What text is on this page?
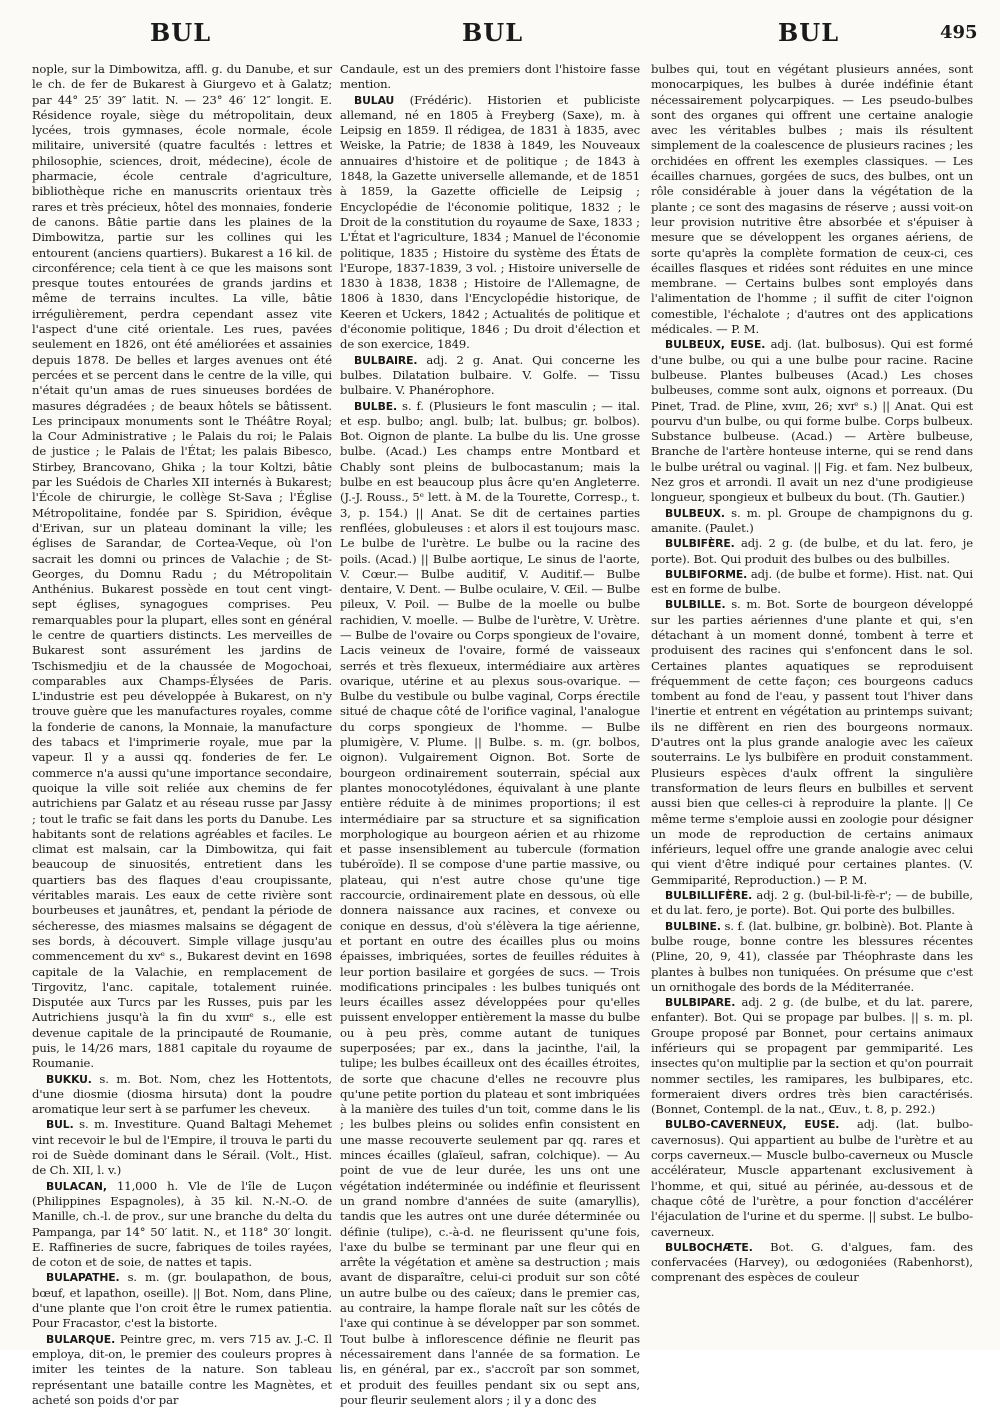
BUL	BUL	BUL	495

nople, sur la Dimbowitza, affl. g. du Danube, et sur le ch. de fer de Bukarest à Giurgevo et à Galatz; par 44° 25′ 39″ latit. N. — 23° 46′ 12″ longit. E. Résidence royale, siège du métropolitain, deux lycées, trois gymnases, école normale, école militaire, université (quatre facultés : lettres et philosophie, sciences, droit, médecine), école de pharmacie, école centrale d'agriculture, bibliothèque riche en manuscrits orientaux très rares et très précieux, hôtel des monnaies, fonderie de canons. Bâtie partie dans les plaines de la Dimbowitza, partie sur les collines qui les entourent (anciens quartiers). Bukarest a 16 kil. de circonférence; cela tient à ce que les maisons sont presque toutes entourées de grands jardins et même de terrains incultes. La ville, bâtie irrégulièrement, perdra cependant assez vite l'aspect d'une cité orientale. Les rues, pavées seulement en 1826, ont été améliorées et assainies depuis 1878. De belles et larges avenues ont été percées et se percent dans le centre de la ville, qui n'était qu'un amas de rues sinueuses bordées de masures dégradées ; de beaux hôtels se bâtissent. Les principaux monuments sont le Théâtre Royal; la Cour Administrative ; le Palais du roi; le Palais de justice ; le Palais de l'État; les palais Bibesco, Stirbey, Brancovano, Ghika ; la tour Koltzi, bâtie par les Suédois de Charles XII internés à Bukarest; l'École de chirurgie, le collège St-Sava ; l'Église Métropolitaine, fondée par S. Spiridion, évêque d'Erivan, sur un plateau dominant la ville; les églises de Sarandar, de Cortea-Veque, où l'on sacrait les domni ou princes de Valachie ; de St-Georges, du Domnu Radu ; du Métropolitain Anthénius. Bukarest possède en tout cent vingt-sept églises, synagogues comprises. Peu remarquables pour la plupart, elles sont en général le centre de quartiers distincts. Les merveilles de Bukarest sont assurément les jardins de Tschismedjiu et de la chaussée de Mogochoai, comparables aux Champs-Élysées de Paris. L'industrie est peu développée à Bukarest, on n'y trouve guère que les manufactures royales, comme la fonderie de canons, la Monnaie, la manufacture des tabacs et l'imprimerie royale, mue par la vapeur. Il y a aussi qq. fonderies de fer. Le commerce n'a aussi qu'une importance secondaire, quoique la ville soit reliée aux chemins de fer autrichiens par Galatz et au réseau russe par Jassy ; tout le trafic se fait dans les ports du Danube. Les habitants sont de relations agréables et faciles. Le climat est malsain, car la Dimbowitza, qui fait beaucoup de sinuosités, entretient dans les quartiers bas des flaques d'eau croupissante, véritables marais. Les eaux de cette rivière sont bourbeuses et jaunâtres, et, pendant la période de sécheresse, des miasmes malsains se dégagent de ses bords, à découvert. Simple village jusqu'au commencement du xvᵉ s., Bukarest devint en 1698 capitale de la Valachie, en remplacement de Tirgovitz, l'anc. capitale, totalement ruinée. Disputée aux Turcs par les Russes, puis par les Autrichiens jusqu'à la fin du xvɪɪɪᵉ s., elle est devenue capitale de la principauté de Roumanie, puis, le 14/26 mars, 1881 capitale du royaume de Roumanie.

BUKKU. s. m. Bot. Nom, chez les Hottentots, d'une diosmie (diosma hirsuta) dont la poudre aromatique leur sert à se parfumer les cheveux.

BUL. s. m. Investiture. Quand Baltagi Mehemet vint recevoir le bul de l'Empire, il trouva le parti du roi de Suède dominant dans le Sérail. (Volt., Hist. de Ch. XII, l. v.)

BULACAN, 11,000 h. Vle de l'île de Luçon (Philippines Espagnoles), à 35 kil. N.-N.-O. de Manille, ch.-l. de prov., sur une branche du delta du Pampanga, par 14° 50′ latit. N., et 118° 30′ longit. E. Raffineries de sucre, fabriques de toiles rayées, de coton et de soie, de nattes et tapis.

BULAPATHE. s. m. (gr. boulapathon, de bous, bœuf, et lapathon, oseille). || Bot. Nom, dans Pline, d'une plante que l'on croit être le rumex patientia. Pour Fracastor, c'est la bistorte.

BULARQUE. Peintre grec, m. vers 715 av. J.-C. Il employa, dit-on, le premier des couleurs propres à imiter les teintes de la nature. Son tableau représentant une bataille contre les Magnètes, et acheté son poids d'or par

Candaule, est un des premiers dont l'histoire fasse mention.

BULAU (Frédéric). Historien et publiciste allemand, né en 1805 à Freyberg (Saxe), m. à Leipsig en 1859. Il rédigea, de 1831 à 1835, avec Weiske, la Patrie; de 1838 à 1849, les Nouveaux annuaires d'histoire et de politique ; de 1843 à 1848, la Gazette universelle allemande, et de 1851 à 1859, la Gazette officielle de Leipsig ; Encyclopédie de l'économie politique, 1832 ; le Droit de la constitution du royaume de Saxe, 1833 ; L'État et l'agriculture, 1834 ; Manuel de l'économie politique, 1835 ; Histoire du système des États de l'Europe, 1837-1839, 3 vol. ; Histoire universelle de 1830 à 1838, 1838 ; Histoire de l'Allemagne, de 1806 à 1830, dans l'Encyclopédie historique, de Keeren et Uckers, 1842 ; Actualités de politique et d'économie politique, 1846 ; Du droit d'élection et de son exercice, 1849.

BULBAIRE. adj. 2 g. Anat. Qui concerne les bulbes. Dilatation bulbaire. V. Golfe. — Tissu bulbaire. V. Phanérophore.

BULBE. s. f. (Plusieurs le font masculin ; — ital. et esp. bulbo; angl. bulb; lat. bulbus; gr. bolbos). Bot. Oignon de plante. La bulbe du lis. Une grosse bulbe. (Acad.) Les champs entre Montbard et Chably sont pleins de bulbocastanum; mais la bulbe en est beaucoup plus âcre qu'en Angleterre. (J.-J. Rouss., 5ᵉ lett. à M. de la Tourette, Corresp., t. 3, p. 154.) || Anat. Se dit de certaines parties renflées, globuleuses : et alors il est toujours masc. Le bulbe de l'urètre. Le bulbe ou la racine des poils. (Acad.) || Bulbe aortique, Le sinus de l'aorte, V. Cœur.— Bulbe auditif, V. Auditif.— Bulbe dentaire, V. Dent. — Bulbe oculaire, V. Œil. — Bulbe pileux, V. Poil. — Bulbe de la moelle ou bulbe rachidien, V. moelle. — Bulbe de l'urètre, V. Urètre. — Bulbe de l'ovaire ou Corps spongieux de l'ovaire, Lacis veineux de l'ovaire, formé de vaisseaux serrés et très flexueux, intermédiaire aux artères ovarique, utérine et au plexus sous-ovarique. — Bulbe du vestibule ou bulbe vaginal, Corps érectile situé de chaque côté de l'orifice vaginal, l'analogue du corps spongieux de l'homme. — Bulbe plumigère, V. Plume. || Bulbe. s. m. (gr. bolbos, oignon). Vulgairement Oignon. Bot. Sorte de bourgeon ordinairement souterrain, spécial aux plantes monocotylédones, équivalant à une plante entière réduite à de minimes proportions; il est intermédiaire par sa structure et sa signification morphologique au bourgeon aérien et au rhizome et passe insensiblement au tubercule (formation tubéroïde). Il se compose d'une partie massive, ou plateau, qui n'est autre chose qu'une tige raccourcie, ordinairement plate en dessous, où elle donnera naissance aux racines, et convexe ou conique en dessus, d'où s'élèvera la tige aérienne, et portant en outre des écailles plus ou moins épaisses, imbriquées, sortes de feuilles réduites à leur portion basilaire et gorgées de sucs. — Trois modifications principales : les bulbes tuniqués ont leurs écailles assez développées pour qu'elles puissent envelopper entièrement la masse du bulbe ou à peu près, comme autant de tuniques superposées; par ex., dans la jacinthe, l'ail, la tulipe; les bulbes écailleux ont des écailles étroites, de sorte que chacune d'elles ne recouvre plus qu'une petite portion du plateau et sont imbriquées à la manière des tuiles d'un toit, comme dans le lis ; les bulbes pleins ou solides enfin consistent en une masse recouverte seulement par qq. rares et minces écailles (glaïeul, safran, colchique). — Au point de vue de leur durée, les uns ont une végétation indéterminée ou indéfinie et fleurissent un grand nombre d'années de suite (amaryllis), tandis que les autres ont une durée déterminée ou définie (tulipe), c.-à-d. ne fleurissent qu'une fois, l'axe du bulbe se terminant par une fleur qui en arrête la végétation et amène sa destruction ; mais avant de disparaître, celui-ci produit sur son côté un autre bulbe ou des caïeux; dans le premier cas, au contraire, la hampe florale naît sur les côtés de l'axe qui continue à se développer par son sommet. Tout bulbe à inflorescence définie ne fleurit pas nécessairement dans l'année de sa formation. Le lis, en général, par ex., s'accroît par son sommet, et produit des feuilles pendant six ou sept ans, pour fleurir seulement alors ; il y a donc des

bulbes qui, tout en végétant plusieurs années, sont monocarpiques, les bulbes à durée indéfinie étant nécessairement polycarpiques. — Les pseudo-bulbes sont des organes qui offrent une certaine analogie avec les véritables bulbes ; mais ils résultent simplement de la coalescence de plusieurs racines ; les orchidées en offrent les exemples classiques. — Les écailles charnues, gorgées de sucs, des bulbes, ont un rôle considérable à jouer dans la végétation de la plante ; ce sont des magasins de réserve ; aussi voit-on leur provision nutritive être absorbée et s'épuiser à mesure que se développent les organes aériens, de sorte qu'après la complète formation de ceux-ci, ces écailles flasques et ridées sont réduites en une mince membrane. — Certains bulbes sont employés dans l'alimentation de l'homme ; il suffit de citer l'oignon comestible, l'échalote ; d'autres ont des applications médicales. — P. M.

BULBEUX, EUSE. adj. (lat. bulbosus). Qui est formé d'une bulbe, ou qui a une bulbe pour racine. Racine bulbeuse. Plantes bulbeuses (Acad.) Les choses bulbeuses, comme sont aulx, oignons et porreaux. (Du Pinet, Trad. de Pline, xvɪɪɪ, 26; xvɪᵉ s.) || Anat. Qui est pourvu d'un bulbe, ou qui forme bulbe. Corps bulbeux. Substance bulbeuse. (Acad.) — Artère bulbeuse, Branche de l'artère honteuse interne, qui se rend dans le bulbe urétral ou vaginal. || Fig. et fam. Nez bulbeux, Nez gros et arrondi. Il avait un nez d'une prodigieuse longueur, spongieux et bulbeux du bout. (Th. Gautier.)

BULBEUX. s. m. pl. Groupe de champignons du g. amanite. (Paulet.)

BULBIFÈRE. adj. 2 g. (de bulbe, et du lat. fero, je porte). Bot. Qui produit des bulbes ou des bulbilles.

BULBIFORME. adj. (de bulbe et forme). Hist. nat. Qui est en forme de bulbe.

BULBILLE. s. m. Bot. Sorte de bourgeon développé sur les parties aériennes d'une plante et qui, s'en détachant à un moment donné, tombent à terre et produisent des racines qui s'enfoncent dans le sol. Certaines plantes aquatiques se reproduisent fréquemment de cette façon; ces bourgeons caducs tombent au fond de l'eau, y passent tout l'hiver dans l'inertie et entrent en végétation au printemps suivant; ils ne diffèrent en rien des bourgeons normaux. D'autres ont la plus grande analogie avec les caïeux souterrains. Le lys bulbifère en produit constamment. Plusieurs espèces d'aulx offrent la singulière transformation de leurs fleurs en bulbilles et servent aussi bien que celles-ci à reproduire la plante. || Ce même terme s'emploie aussi en zoologie pour désigner un mode de reproduction de certains animaux inférieurs, lequel offre une grande analogie avec celui qui vient d'être indiqué pour certaines plantes. (V. Gemmiparité, Reproduction.) — P. M.

BULBILLIFÈRE. adj. 2 g. (bul-bil-li-fè-r'; — de bubille, et du lat. fero, je porte). Bot. Qui porte des bulbilles.

BULBINE. s. f. (lat. bulbine, gr. bolbinè). Bot. Plante à bulbe rouge, bonne contre les blessures récentes (Pline, 20, 9, 41), classée par Théophraste dans les plantes à bulbes non tuniquées. On présume que c'est un ornithogale des bords de la Méditerranée.

BULBIPARE. adj. 2 g. (de bulbe, et du lat. parere, enfanter). Bot. Qui se propage par bulbes. || s. m. pl. Groupe proposé par Bonnet, pour certains animaux inférieurs qui se propagent par gemmiparité. Les insectes qu'on multiplie par la section et qu'on pourrait nommer sectiles, les ramipares, les bulbipares, etc. formeraient divers ordres très bien caractérisés. (Bonnet, Contempl. de la nat., Œuv., t. 8, p. 292.)

BULBO-CAVERNEUX, EUSE. adj. (lat. bulbo-cavernosus). Qui appartient au bulbe de l'urètre et au corps caverneux.— Muscle bulbo-caverneux ou Muscle accélérateur, Muscle appartenant exclusivement à l'homme, et qui, situé au périnée, au-dessous et de chaque côté de l'urètre, a pour fonction d'accélérer l'éjaculation de l'urine et du sperme. || subst. Le bulbo-caverneux.

BULBOCHÆTE. Bot. G. d'algues, fam. des confervacées (Harvey), ou œdogoniées (Rabenhorst), comprenant des espèces de couleur
